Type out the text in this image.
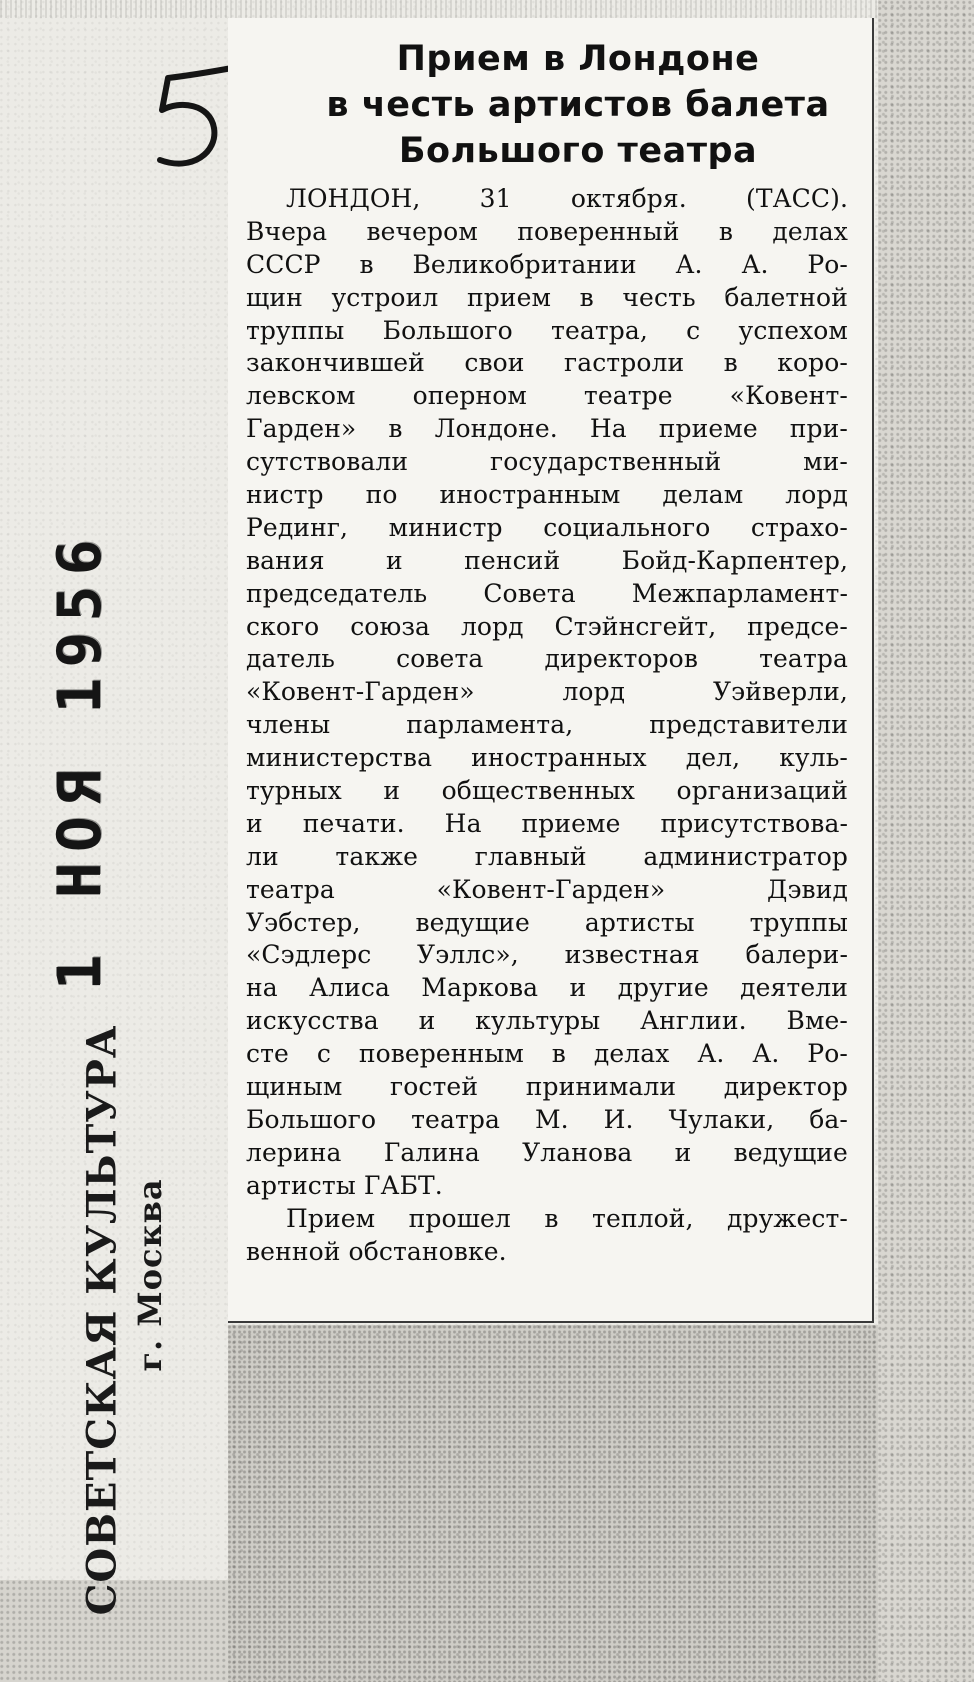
Прием в Лондоне
в честь артистов балета
Большого театра
ЛОНДОН, 31 октября. (ТАСС).
Вчера вечером поверенный в делах
СССР в Великобритании А. А. Ро-
щин устроил прием в честь балетной
труппы Большого театра, с успехом
закончившей свои гастроли в коро-
левском оперном театре «Ковент-
Гарден» в Лондоне. На приеме при-
сутствовали	государственный	ми-
нистр по иностранным делам лорд
Рединг, министр социального страхо-
вания и пенсий Бойд-Карпентер,
председатель Совета Межпарламент-
ского союза лорд Стэйнсгейт, предсе-
датель совета директоров театра
«Ковент-Гарден»	лорд	Уэйверли,
члены	парламента,	представители
министерства иностранных дел, куль-
турных и общественных организаций
и печати. На приеме присутствова-
ли также главный администратор
театра	«Ковент-Гарден»	Дэвид
Уэбстер, ведущие артисты труппы
«Сэдлерс Уэллс», известная балери-
на Алиса Маркова и другие деятели
искусства и культуры Англии. Вме-
сте с поверенным в делах А. А. Ро-
щиным гостей принимали директор
Большого театра М. И. Чулаки, ба-
лерина Галина Уланова и ведущие
артисты ГАБТ.
Прием прошел в теплой, дружест-
венной обстановке.
1 НОЯ 1956
СОВЕТСКАЯ КУЛЬТУРА г. Москва
